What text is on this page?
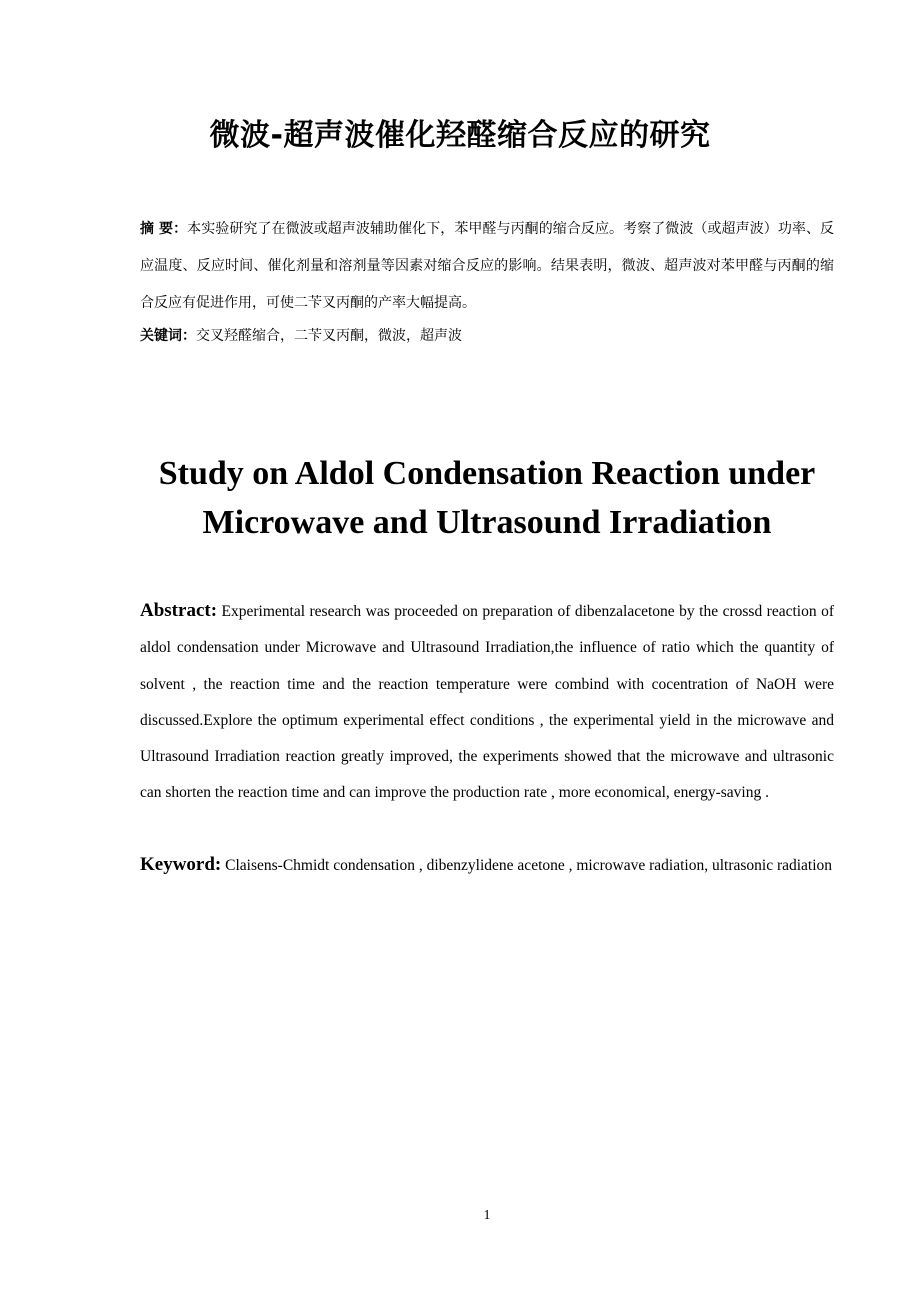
微波-超声波催化羟醛缩合反应的研究
摘 要：本实验研究了在微波或超声波辅助催化下，苯甲醛与丙酮的缩合反应。考察了微波（或超声波）功率、反应温度、反应时间、催化剂量和溶剂量等因素对缩合反应的影响。结果表明，微波、超声波对苯甲醛与丙酮的缩合反应有促进作用，可使二苄叉丙酮的产率大幅提高。
关键词：交叉羟醛缩合，二苄叉丙酮，微波，超声波
Study on Aldol Condensation Reaction under
Microwave and Ultrasound Irradiation
Abstract: Experimental research was proceeded on preparation of dibenzalacetone by the crossd reaction of aldol condensation under Microwave and Ultrasound Irradiation,the influence of ratio which the quantity of solvent , the reaction time and the reaction temperature were combind with cocentration of NaOH were discussed.Explore the optimum experimental effect conditions , the experimental yield in the microwave and Ultrasound Irradiation reaction greatly improved, the experiments showed that the microwave and ultrasonic can shorten the reaction time and can improve the production rate , more economical, energy-saving .
Keyword: Claisens-Chmidt condensation , dibenzylidene acetone , microwave radiation, ultrasonic radiation
1
